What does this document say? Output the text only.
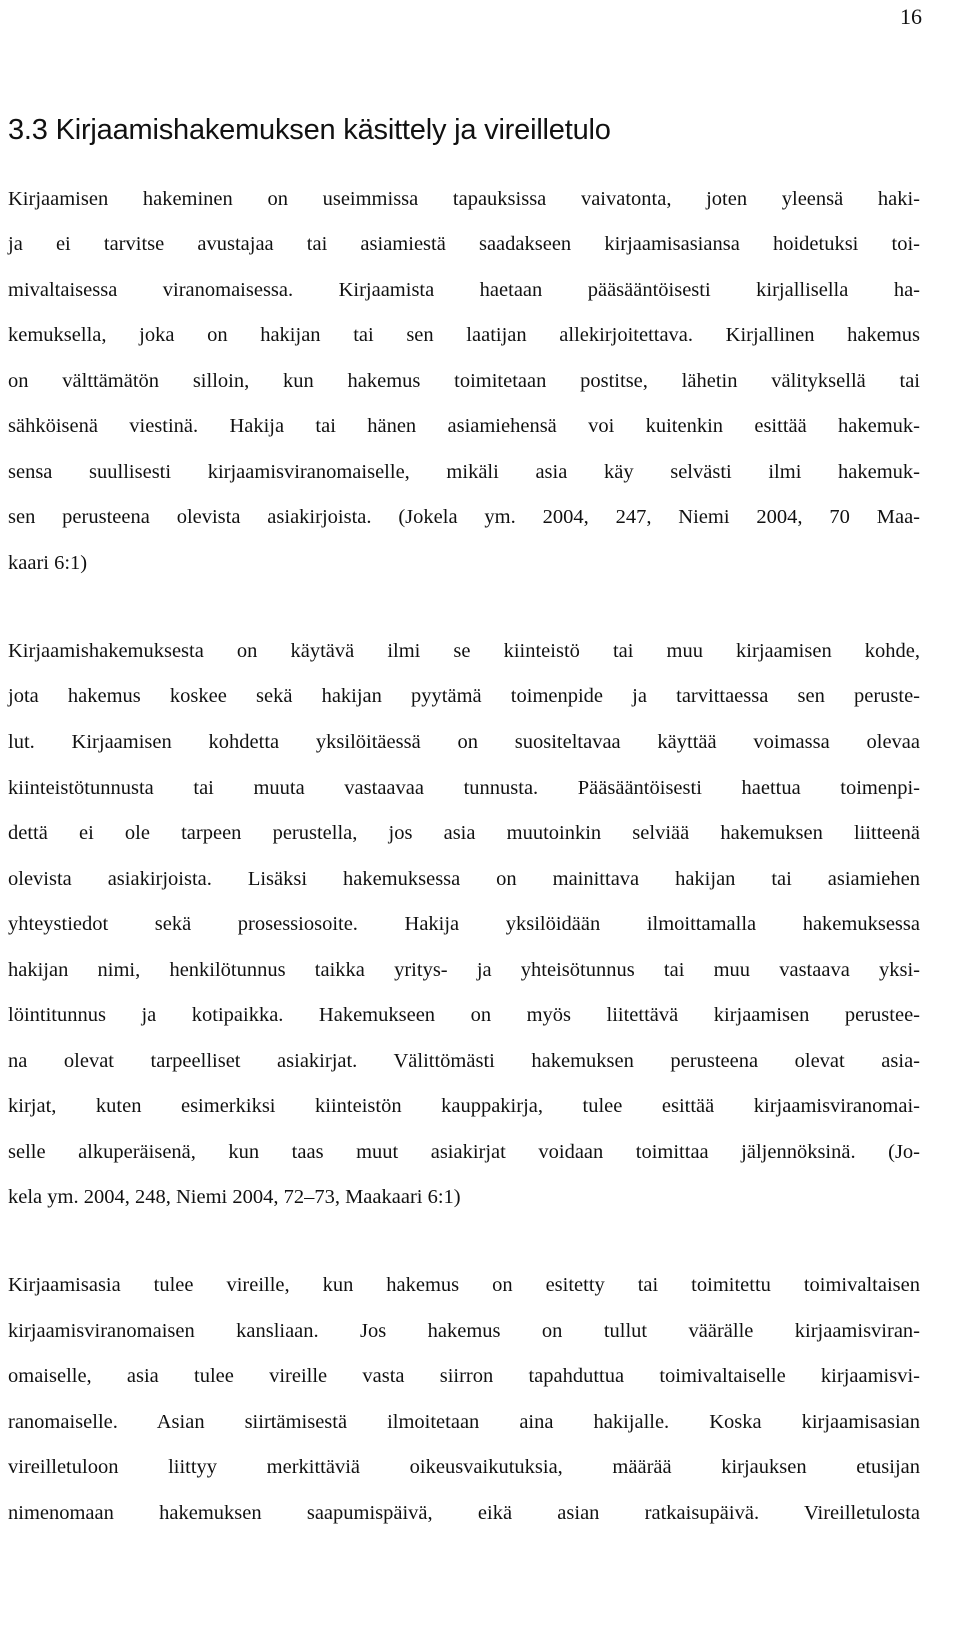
16
3.3 Kirjaamishakemuksen käsittely ja vireilletulo
Kirjaamisen hakeminen on useimmissa tapauksissa vaivatonta, joten yleensä haki-
ja ei tarvitse avustajaa tai asiamiestä saadakseen kirjaamisasiansa hoidetuksi toi-
mivaltaisessa viranomaisessa. Kirjaamista haetaan pääsääntöisesti kirjallisella ha-
kemuksella, joka on hakijan tai sen laatijan allekirjoitettava. Kirjallinen hakemus
on välttämätön silloin, kun hakemus toimitetaan postitse, lähetin välityksellä tai
sähköisenä viestinä. Hakija tai hänen asiamiehensä voi kuitenkin esittää hakemuk-
sensa suullisesti kirjaamisviranomaiselle, mikäli asia käy selvästi ilmi hakemuk-
sen perusteena olevista asiakirjoista. (Jokela ym. 2004, 247, Niemi 2004, 70 Maa-
kaari 6:1)
Kirjaamishakemuksesta on käytävä ilmi se kiinteistö tai muu kirjaamisen kohde,
jota hakemus koskee sekä hakijan pyytämä toimenpide ja tarvittaessa sen peruste-
lut. Kirjaamisen kohdetta yksilöitäessä on suositeltavaa käyttää voimassa olevaa
kiinteistötunnusta tai muuta vastaavaa tunnusta. Pääsääntöisesti haettua toimenpi-
dettä ei ole tarpeen perustella, jos asia muutoinkin selviää hakemuksen liitteenä
olevista asiakirjoista. Lisäksi hakemuksessa on mainittava hakijan tai asiamiehen
yhteystiedot sekä prosessiosoite. Hakija yksilöidään ilmoittamalla hakemuksessa
hakijan nimi, henkilötunnus taikka yritys- ja yhteisötunnus tai muu vastaava yksi-
löintitunnus ja kotipaikka. Hakemukseen on myös liitettävä kirjaamisen perustee-
na olevat tarpeelliset asiakirjat. Välittömästi hakemuksen perusteena olevat asia-
kirjat, kuten esimerkiksi kiinteistön kauppakirja, tulee esittää kirjaamisviranomai-
selle alkuperäisenä, kun taas muut asiakirjat voidaan toimittaa jäljennöksinä. (Jo-
kela ym. 2004, 248, Niemi 2004, 72–73, Maakaari 6:1)
Kirjaamisasia tulee vireille, kun hakemus on esitetty tai toimitettu toimivaltaisen
kirjaamisviranomaisen kansliaan. Jos hakemus on tullut väärälle kirjaamisviran-
omaiselle, asia tulee vireille vasta siirron tapahduttua toimivaltaiselle kirjaamisvi-
ranomaiselle. Asian siirtämisestä ilmoitetaan aina hakijalle. Koska kirjaamisasian
vireilletuloon liittyy merkittäviä oikeusvaikutuksia, määrää kirjauksen etusijan
nimenomaan hakemuksen saapumispäivä, eikä asian ratkaisupäivä. Vireilletulosta
